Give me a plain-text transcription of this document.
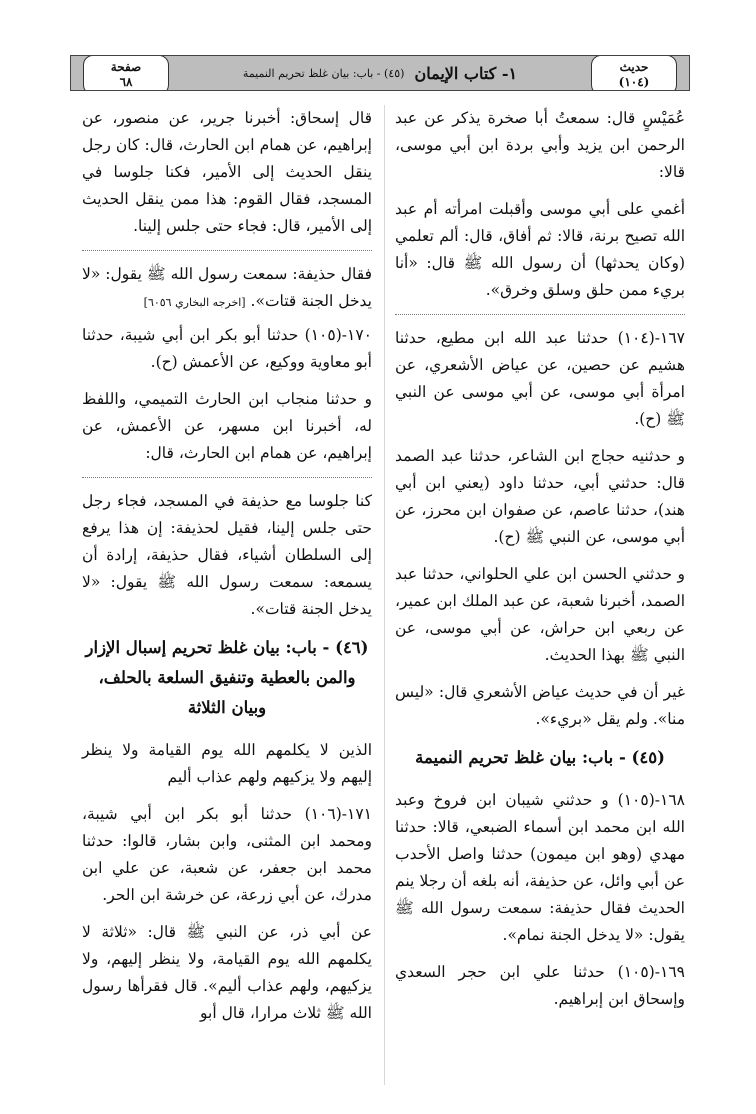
حديث
(١٠٤)
١- كتاب الإيمان
(٤٥) - باب: بيان غلظ تحريم النميمة
صفحة
٦٨

عُمَيْسٍ قال: سمعتُ أبا صخرة يذكر عن عبد الرحمن ابن يزيد وأبي بردة ابن أبي موسى، قالا:

أغمي على أبي موسى وأقبلت امرأته أم عبد الله تصيح برنة، قالا: ثم أفاق، قال: ألم تعلمي (وكان يحدثها) أن رسول الله ﷺ قال: «أنا بريء ممن حلق وسلق وخرق».

١٦٧-(١٠٤) حدثنا عبد الله ابن مطيع، حدثنا هشيم عن حصين، عن عياض الأشعري، عن امرأة أبي موسى، عن أبي موسى عن النبي ﷺ (ح).

و حدثنيه حجاج ابن الشاعر، حدثنا عبد الصمد قال: حدثني أبي، حدثنا داود (يعني ابن أبي هند)، حدثنا عاصم، عن صفوان ابن محرز، عن أبي موسى، عن النبي ﷺ (ح).

و حدثني الحسن ابن علي الحلواني، حدثنا عبد الصمد، أخبرنا شعبة، عن عبد الملك ابن عمير، عن ربعي ابن حراش، عن أبي موسى، عن النبي ﷺ بهذا الحديث.

غير أن في حديث عياض الأشعري قال: «ليس منا». ولم يقل «بريء».

(٤٥) - باب: بيان غلظ تحريم النميمة

١٦٨-(١٠٥) و حدثني شيبان ابن فروخ وعبد الله ابن محمد ابن أسماء الضبعي، قالا: حدثنا مهدي (وهو ابن ميمون) حدثنا واصل الأحدب عن أبي وائل، عن حذيفة، أنه بلغه أن رجلا ينم الحديث فقال حذيفة: سمعت رسول الله ﷺ يقول: «لا يدخل الجنة نمام».

١٦٩-(١٠٥) حدثنا علي ابن حجر السعدي وإسحاق ابن إبراهيم.

قال إسحاق: أخبرنا جرير، عن منصور، عن إبراهيم، عن همام ابن الحارث، قال: كان رجل ينقل الحديث إلى الأمير، فكنا جلوسا في المسجد، فقال القوم: هذا ممن ينقل الحديث إلى الأمير، قال: فجاء حتى جلس إلينا.

فقال حذيفة: سمعت رسول الله ﷺ يقول: «لا يدخل الجنة قتات». [اخرجه البخاري ٦٠٥٦]

١٧٠-(١٠٥) حدثنا أبو بكر ابن أبي شيبة، حدثنا أبو معاوية ووكيع، عن الأعمش (ح).

و حدثنا منجاب ابن الحارث التميمي، واللفظ له، أخبرنا ابن مسهر، عن الأعمش، عن إبراهيم، عن همام ابن الحارث، قال:

كنا جلوسا مع حذيفة في المسجد، فجاء رجل حتى جلس إلينا، فقيل لحذيفة: إن هذا يرفع إلى السلطان أشياء، فقال حذيفة، إرادة أن يسمعه: سمعت رسول الله ﷺ يقول: «لا يدخل الجنة قتات».

(٤٦) - باب: بيان غلظ تحريم إسبال الإزار والمن بالعطية وتنفيق السلعة بالحلف، وبيان الثلاثة

الذين لا يكلمهم الله يوم القيامة ولا ينظر إليهم ولا يزكيهم ولهم عذاب أليم

١٧١-(١٠٦) حدثنا أبو بكر ابن أبي شيبة، ومحمد ابن المثنى، وابن بشار، قالوا: حدثنا محمد ابن جعفر، عن شعبة، عن علي ابن مدرك، عن أبي زرعة، عن خرشة ابن الحر.

عن أبي ذر، عن النبي ﷺ قال: «ثلاثة لا يكلمهم الله يوم القيامة، ولا ينظر إليهم، ولا يزكيهم، ولهم عذاب أليم». قال فقرأها رسول الله ﷺ ثلاث مرارا، قال أبو
